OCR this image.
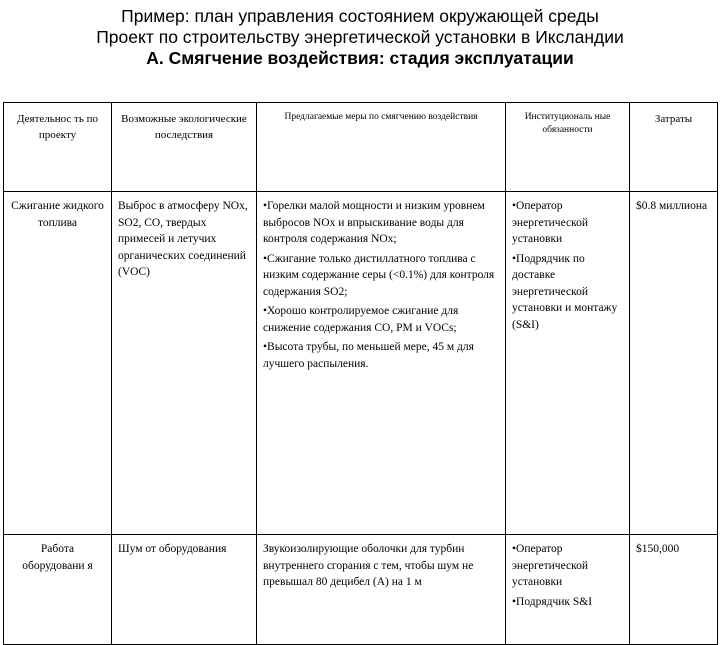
Пример: план управления состоянием окружающей среды
Проект по строительству энергетической установки в Иксландии
А. Смягчение воздействия: стадия эксплуатации
Деятельнос ть по проекту	Возможные экологические последствия	Предлагаемые меры по смягчению воздействия	Институциональ ные обязанности	Затраты
Сжигание жидкого топлива	Выброс в атмосферу NOx, SO2, CO, твердых примесей и летучих органических соединений (VOC)	•Горелки малой мощности и низким уровнем выбросов NOx и впрыскивание воды для контроля содержания NOx;
•Сжигание только дистиллатного топлива с низким содержание серы (<0.1%) для контроля содержания SO2;
•Хорошо контролируемое сжигание для снижение содержания CO, PM и VOCs;
•Высота трубы, по меньшей мере, 45 м для лучшего распыления.	•Оператор энергетической установки
•Подрядчик по доставке энергетической установки и монтажу (S&I)	$0.8 миллиона
Работа оборудовани я	Шум от оборудования	Звукоизолирующие оболочки для турбин внутреннего сгорания с тем, чтобы шум не превышал 80 децибел (А) на 1 м	•Оператор энергетической установки
•Подрядчик S&I	$150,000
